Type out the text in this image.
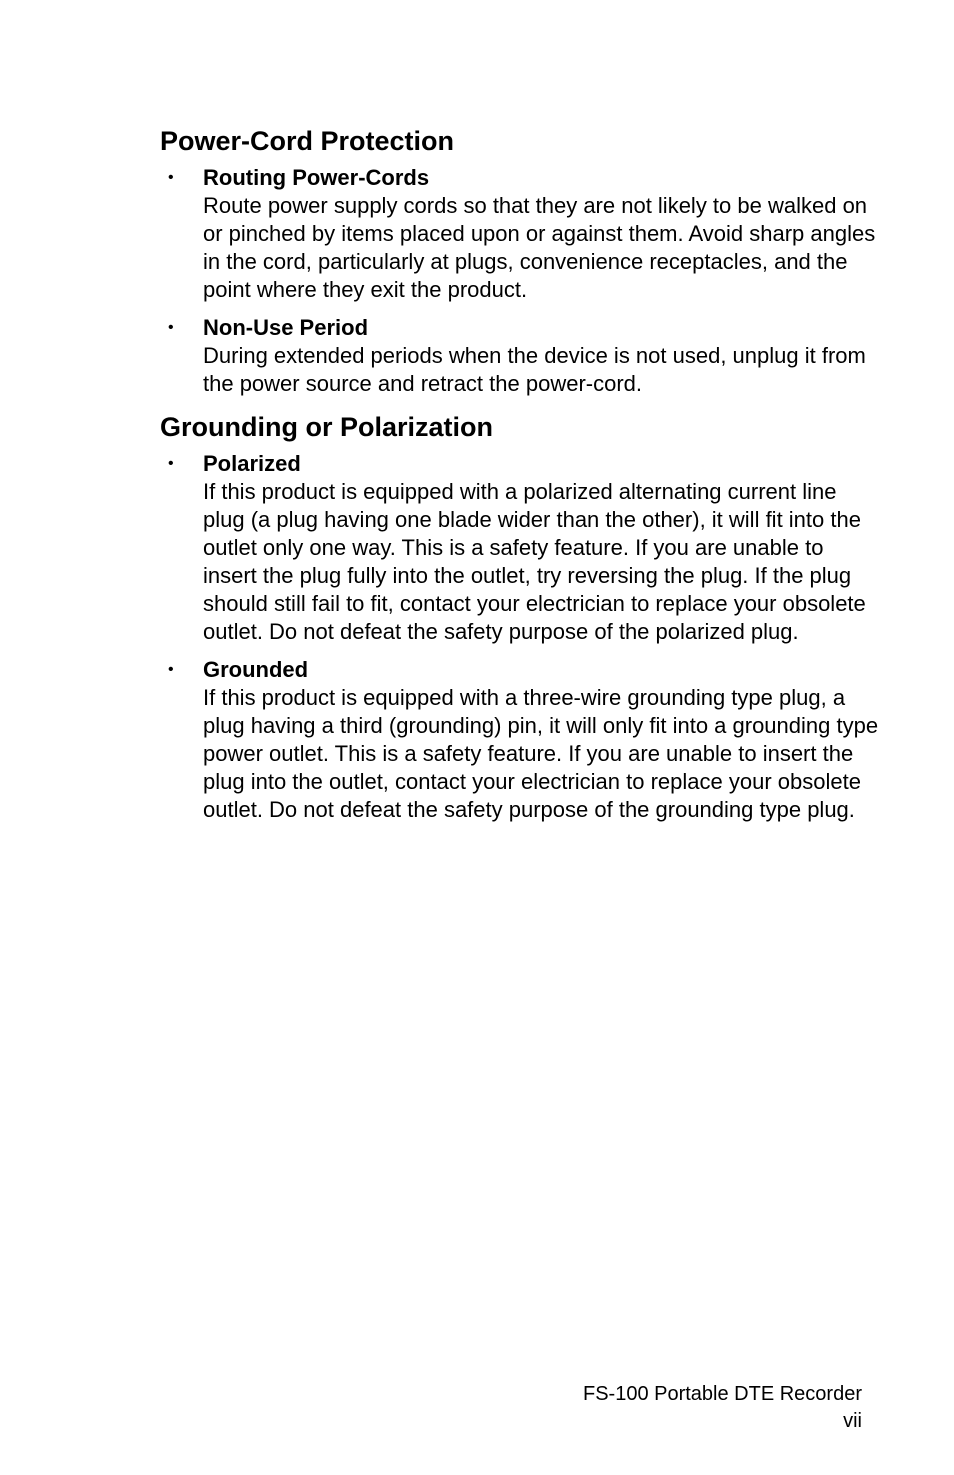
Power-Cord Protection
• Routing Power-Cords
Route power supply cords so that they are not likely to be walked on or pinched by items placed upon or against them. Avoid sharp angles in the cord, particularly at plugs, convenience receptacles, and the point where they exit the product.
• Non-Use Period
During extended periods when the device is not used, unplug it from the power source and retract the power-cord.
Grounding or Polarization
• Polarized
If this product is equipped with a polarized alternating current line plug (a plug having one blade wider than the other), it will fit into the outlet only one way. This is a safety feature. If you are unable to insert the plug fully into the outlet, try reversing the plug. If the plug should still fail to fit, contact your electrician to replace your obsolete outlet. Do not defeat the safety purpose of the polarized plug.
• Grounded
If this product is equipped with a three-wire grounding type plug, a plug having a third (grounding) pin, it will only fit into a grounding type power outlet. This is a safety feature. If you are unable to insert the plug into the outlet, contact your electrician to replace your obsolete outlet. Do not defeat the safety purpose of the grounding type plug.
FS-100 Portable DTE Recorder
vii
